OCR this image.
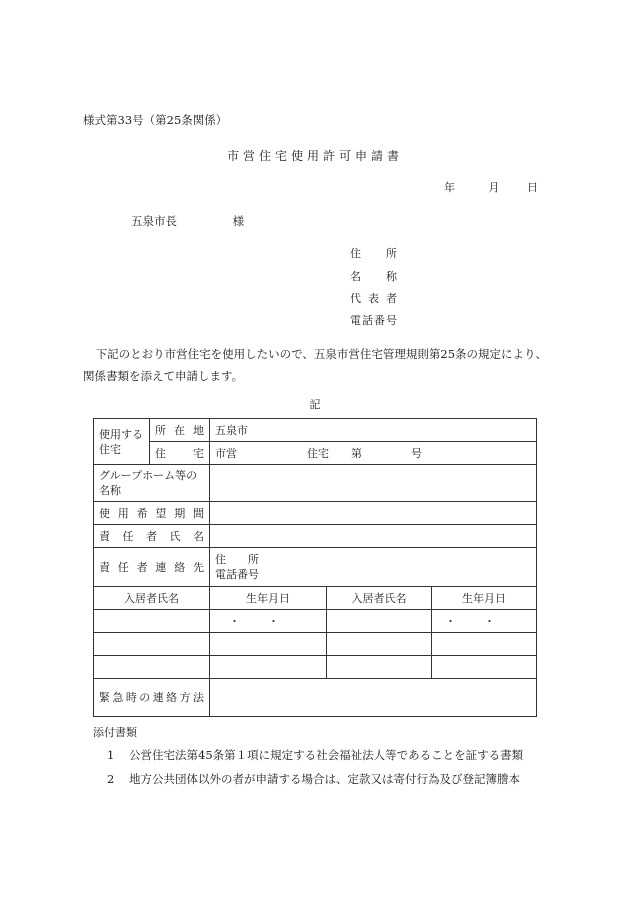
様式第33号（第25条関係）
市営住宅使用許可申請書
年	月	日
五泉市長	様
住所
名称
代表者
電話番号
下記のとおり市営住宅を使用したいので、五泉市営住宅管理規則第25条の規定により、関係書類を添えて申請します。
記
使用する住宅	所在地	五泉市		
	住宅	市営 住宅 第 号		
グループホーム等の名称				
使用希望期間				
責任者氏名				
責任者連絡先		住　　所
電話番号		

入居者氏名		生年月日	入居者氏名	生年月日
		・・		・・

緊急時の連絡方法				
添付書類
1 公営住宅法第45条第１項に規定する社会福祉法人等であることを証する書類
2 地方公共団体以外の者が申請する場合は、定款又は寄付行為及び登記簿謄本
